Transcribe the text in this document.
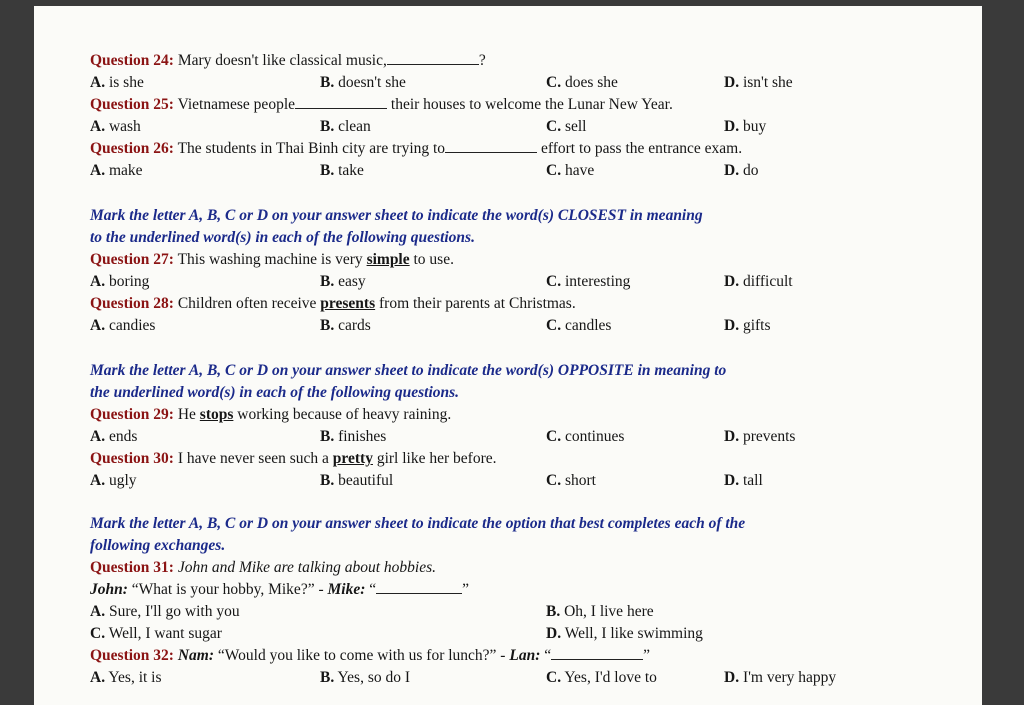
Question 24: Mary doesn't like classical music,	?
A. is she	B. doesn't she	C. does she	D. isn't she
Question 25: Vietnamese people	their houses to welcome the Lunar New Year.
A. wash	B. clean	C. sell	D. buy
Question 26: The students in Thai Binh city are trying to	effort to pass the entrance exam.
A. make	B. take	C. have	D. do
Mark the letter A, B, C or D on your answer sheet to indicate the word(s) CLOSEST in meaning
to the underlined word(s) in each of the following questions.
Question 27: This washing machine is very simple to use.
A. boring	B. easy	C. interesting	D. difficult
Question 28: Children often receive presents from their parents at Christmas.
A. candies	B. cards	C. candles	D. gifts
Mark the letter A, B, C or D on your answer sheet to indicate the word(s) OPPOSITE in meaning to
the underlined word(s) in each of the following questions.
Question 29: He stops working because of heavy raining.
A. ends	B. finishes	C. continues	D. prevents
Question 30: I have never seen such a pretty girl like her before.
A. ugly	B. beautiful	C. short	D. tall
Mark the letter A, B, C or D on your answer sheet to indicate the option that best completes each of the
following exchanges.
Question 31: John and Mike are talking about hobbies.
John: “What is your hobby, Mike?” - Mike: “	”
A. Sure, I'll go with you	B. Oh, I live here
C. Well, I want sugar	D. Well, I like swimming
Question 32: Nam: “Would you like to come with us for lunch?” - Lan: “	”
A. Yes, it is	B. Yes, so do I	C. Yes, I'd love to	D. I'm very happy
